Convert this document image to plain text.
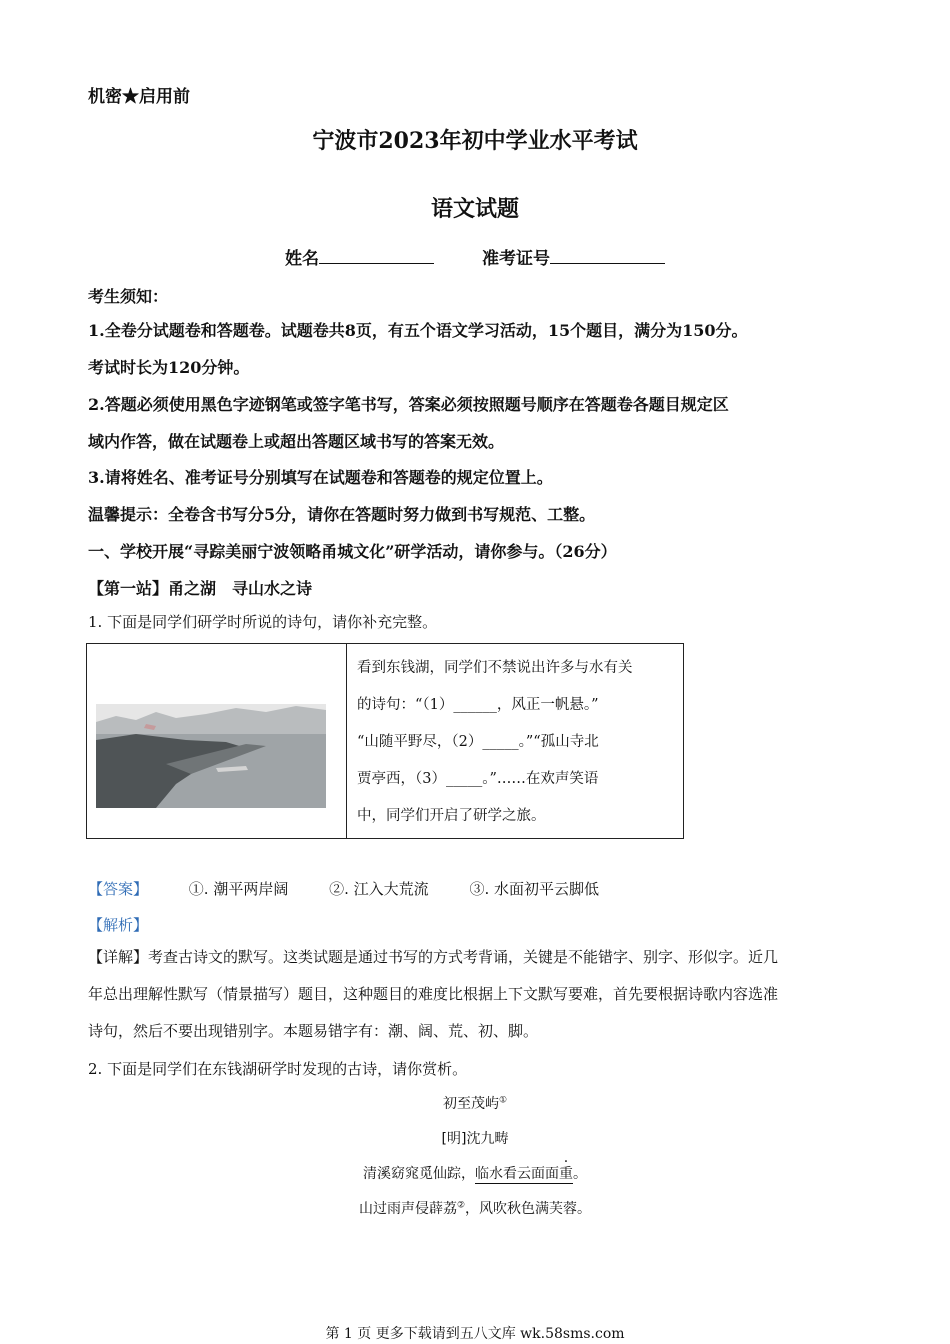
机密★启用前
宁波市2023年初中学业水平考试
语文试题
姓名	准考证号
考生须知：
1.全卷分试题卷和答题卷。试题卷共8页，有五个语文学习活动，15个题目，满分为150分。
考试时长为120分钟。
2.答题必须使用黑色字迹钢笔或签字笔书写，答案必须按照题号顺序在答题卷各题目规定区
域内作答，做在试题卷上或超出答题区域书写的答案无效。
3.请将姓名、准考证号分别填写在试题卷和答题卷的规定位置上。
温馨提示：全卷含书写分5分，请你在答题时努力做到书写规范、工整。
一、学校开展“寻踪美丽宁波领略甬城文化”研学活动，请你参与。（26分）
【第一站】甬之湖　寻山水之诗
1. 下面是同学们研学时所说的诗句，请你补充完整。
看到东钱湖，同学们不禁说出许多与水有关
的诗句：“（1）______，风正一帆悬。”
“山随平野尽，（2）_____。”“孤山寺北
贾亭西，（3）_____。”……在欢声笑语
中，同学们开启了研学之旅。
【答案】	①. 潮平两岸阔	②. 江入大荒流	③. 水面初平云脚低
【解析】
【详解】考查古诗文的默写。这类试题是通过书写的方式考背诵，关键是不能错字、别字、形似字。近几
年总出理解性默写（情景描写）题目，这种题目的难度比根据上下文默写要难，首先要根据诗歌内容选准
诗句，然后不要出现错别字。本题易错字有：潮、阔、荒、初、脚。
2. 下面是同学们在东钱湖研学时发现的古诗，请你赏析。
初至茂屿①
[明]沈九畴
清溪窈窕觅仙踪，临水看云面面重。
山过雨声侵薜荔②，风吹秋色满芙蓉。
第 1 页 更多下载请到五八文库 wk.58sms.com
